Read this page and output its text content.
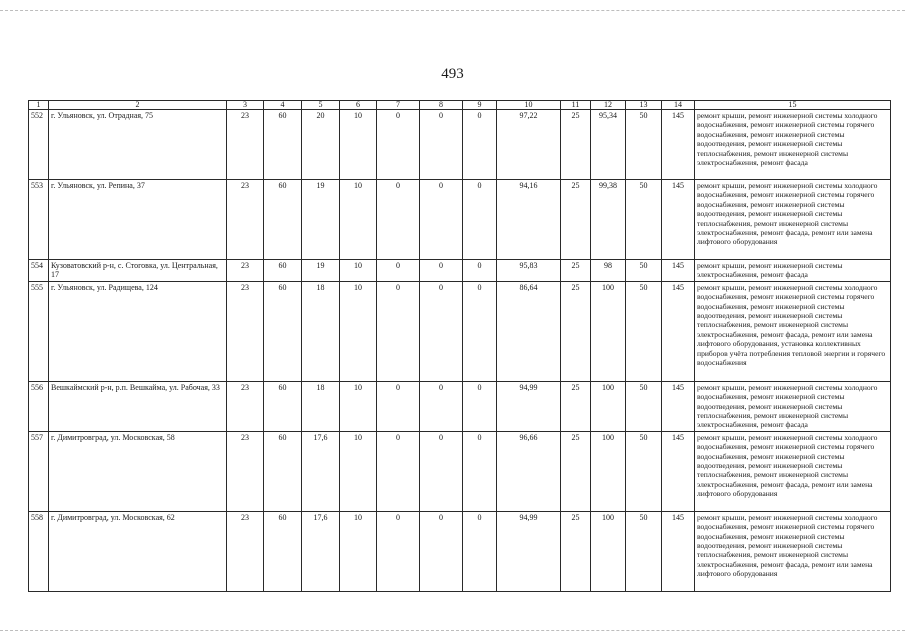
493
1	2	3	4	5	6	7	8	9	10	11	12	13	14	15
552	г. Ульяновск, ул. Отрадная, 75	23	60	20	10	0	0	0	97,22	25	95,34	50	145	ремонт крыши, ремонт инженерной системы холодного водоснабжения, ремонт инженерной системы горячего водоснабжения, ремонт инженерной системы водоотведения, ремонт инженерной системы теплоснабжения, ремонт инженерной системы электроснабжения, ремонт фасада
553	г. Ульяновск, ул. Репина, 37	23	60	19	10	0	0	0	94,16	25	99,38	50	145	ремонт крыши, ремонт инженерной системы холодного водоснабжения, ремонт инженерной системы горячего водоснабжения, ремонт инженерной системы водоотведения, ремонт инженерной системы теплоснабжения, ремонт инженерной системы электроснабжения, ремонт фасада, ремонт или замена лифтового оборудования
554	Кузоватовский р-н, с. Стоговка, ул. Центральная, 17	23	60	19	10	0	0	0	95,83	25	98	50	145	ремонт крыши, ремонт инженерной системы электроснабжения, ремонт фасада
555	г. Ульяновск, ул. Радищева, 124	23	60	18	10	0	0	0	86,64	25	100	50	145	ремонт крыши, ремонт инженерной системы холодного водоснабжения, ремонт инженерной системы горячего водоснабжения, ремонт инженерной системы водоотведения, ремонт инженерной системы теплоснабжения, ремонт инженерной системы электроснабжения, ремонт фасада, ремонт или замена лифтового оборудования, установка коллективных приборов учёта потребления тепловой энергии и горячего водоснабжения
556	Вешкаймский р-н, р.п. Вешкайма, ул. Рабочая, 33	23	60	18	10	0	0	0	94,99	25	100	50	145	ремонт крыши, ремонт инженерной системы холодного водоснабжения, ремонт инженерной системы водоотведения, ремонт инженерной системы теплоснабжения, ремонт инженерной системы электроснабжения, ремонт фасада
557	г. Димитровград, ул. Московская, 58	23	60	17,6	10	0	0	0	96,66	25	100	50	145	ремонт крыши, ремонт инженерной системы холодного водоснабжения, ремонт инженерной системы горячего водоснабжения, ремонт инженерной системы водоотведения, ремонт инженерной системы теплоснабжения, ремонт инженерной системы электроснабжения, ремонт фасада, ремонт или замена лифтового оборудования
558	г. Димитровград, ул. Московская, 62	23	60	17,6	10	0	0	0	94,99	25	100	50	145	ремонт крыши, ремонт инженерной системы холодного водоснабжения, ремонт инженерной системы горячего водоснабжения, ремонт инженерной системы водоотведения, ремонт инженерной системы теплоснабжения, ремонт инженерной системы электроснабжения, ремонт фасада, ремонт или замена лифтового оборудования
